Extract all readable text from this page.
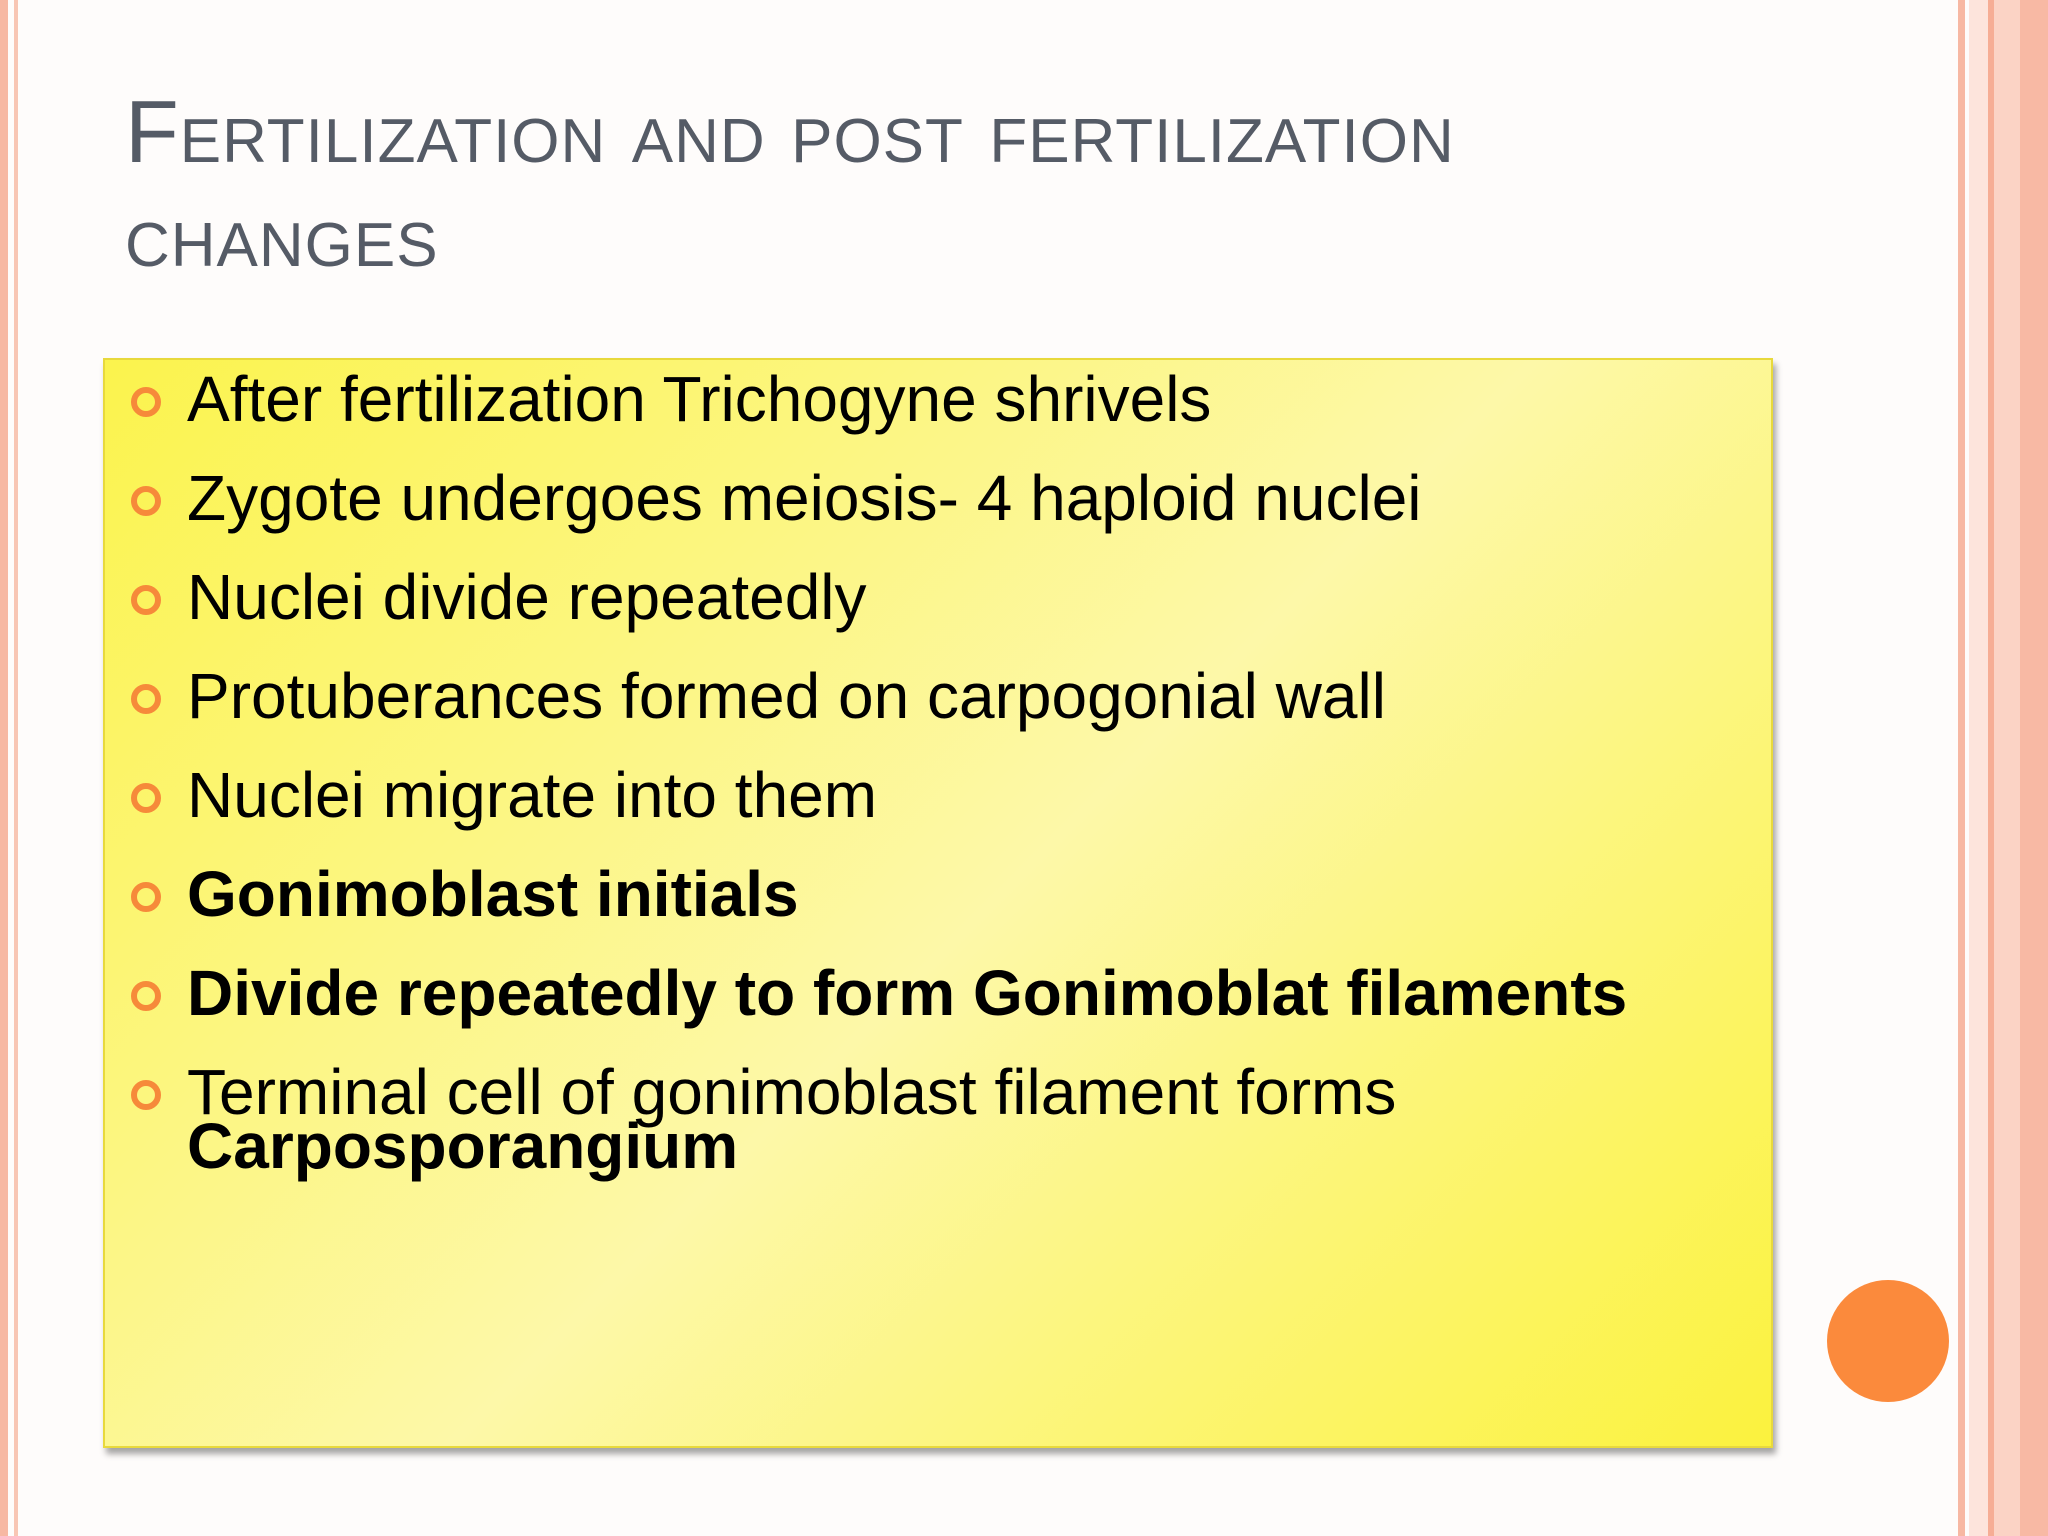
Fertilization and post fertilization changes
After fertilization Trichogyne shrivels
Zygote undergoes meiosis- 4 haploid nuclei
Nuclei divide repeatedly
Protuberances formed on carpogonial wall
Nuclei migrate into them
Gonimoblast initials
Divide repeatedly to form Gonimoblat filaments
Terminal cell of gonimoblast filament forms
Carposporangium
